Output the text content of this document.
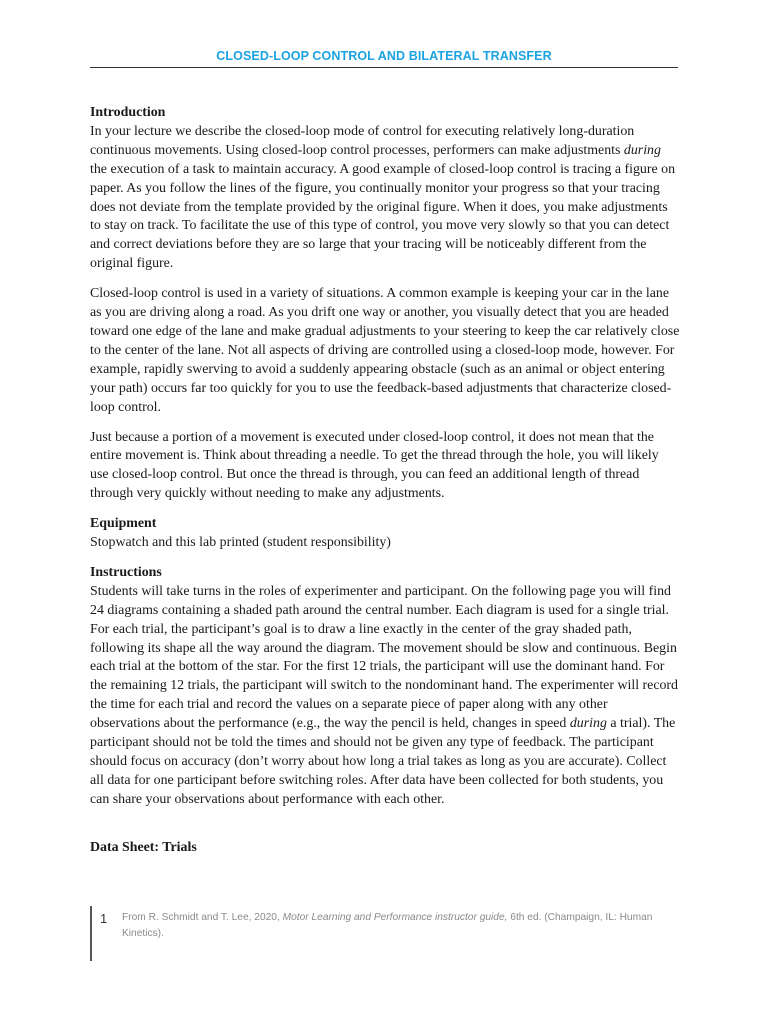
CLOSED-LOOP CONTROL AND BILATERAL TRANSFER
Introduction

In your lecture we describe the closed-loop mode of control for executing relatively long-duration continuous movements. Using closed-loop control processes, performers can make adjustments during the execution of a task to maintain accuracy. A good example of closed-loop control is tracing a figure on paper. As you follow the lines of the figure, you continually monitor your progress so that your tracing does not deviate from the template provided by the original figure. When it does, you make adjustments to stay on track. To facilitate the use of this type of control, you move very slowly so that you can detect and correct deviations before they are so large that your tracing will be noticeably different from the original figure.

Closed-loop control is used in a variety of situations. A common example is keeping your car in the lane as you are driving along a road. As you drift one way or another, you visually detect that you are headed toward one edge of the lane and make gradual adjustments to your steering to keep the car relatively close to the center of the lane. Not all aspects of driving are controlled using a closed-loop mode, however. For example, rapidly swerving to avoid a suddenly appearing obstacle (such as an animal or object entering your path) occurs far too quickly for you to use the feedback-based adjustments that characterize closed-loop control.

Just because a portion of a movement is executed under closed-loop control, it does not mean that the entire movement is. Think about threading a needle. To get the thread through the hole, you will likely use closed-loop control. But once the thread is through, you can feed an additional length of thread through very quickly without needing to make any adjustments.

Equipment

Stopwatch and this lab printed (student responsibility)

Instructions

Students will take turns in the roles of experimenter and participant. On the following page you will find 24 diagrams containing a shaded path around the central number. Each diagram is used for a single trial. For each trial, the participant’s goal is to draw a line exactly in the center of the gray shaded path, following its shape all the way around the diagram. The movement should be slow and continuous. Begin each trial at the bottom of the star. For the first 12 trials, the participant will use the dominant hand. For the remaining 12 trials, the participant will switch to the nondominant hand. The experimenter will record the time for each trial and record the values on a separate piece of paper along with any other observations about the performance (e.g., the way the pencil is held, changes in speed during a trial). The participant should not be told the times and should not be given any type of feedback. The participant should focus on accuracy (don’t worry about how long a trial takes as long as you are accurate). Collect all data for one participant before switching roles. After data have been collected for both students, you can share your observations about performance with each other.

Data Sheet: Trials
1 From R. Schmidt and T. Lee, 2020, Motor Learning and Performance instructor guide, 6th ed. (Champaign, IL: Human Kinetics).
